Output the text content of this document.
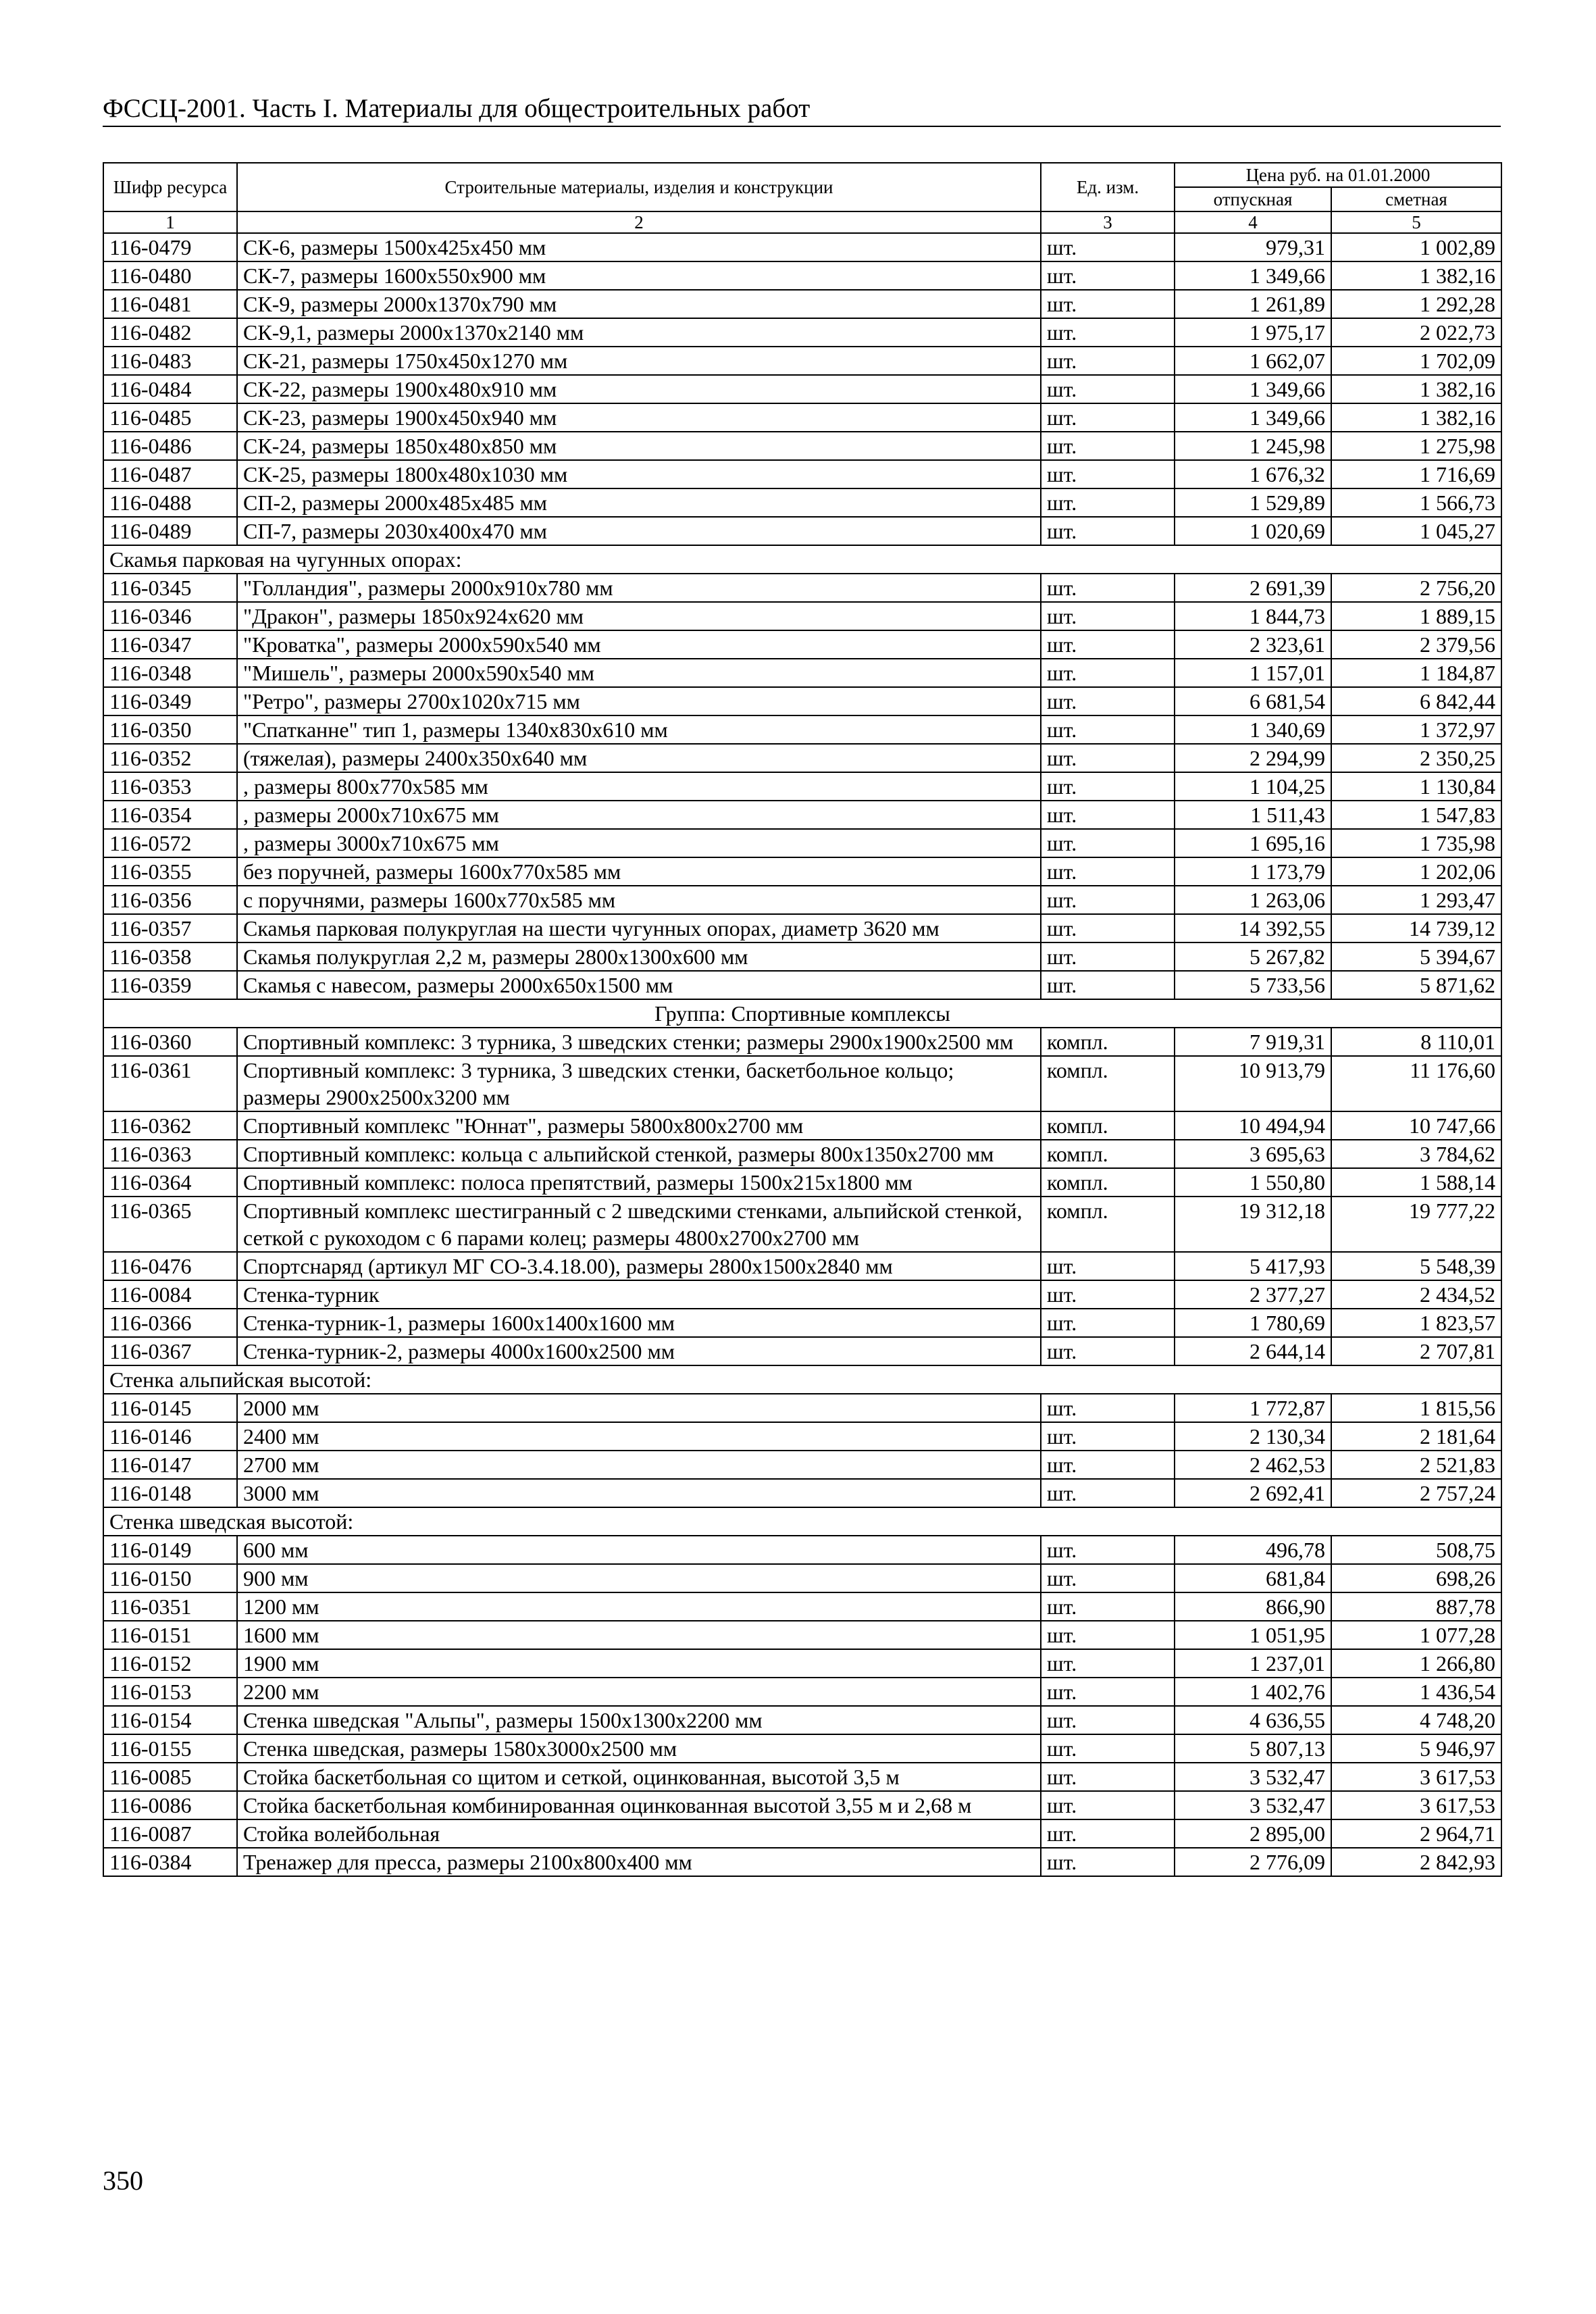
ФССЦ-2001. Часть I. Материалы для общестроительных работ
Шифр ресурса	Строительные материалы, изделия и конструкции	Ед. изм.	Цена руб. на 01.01.2000	
			отпускная	сметная
1	2	3	4	5
116-0479	СК-6, размеры 1500х425х450 мм	шт.	979,31	1 002,89
116-0480	СК-7, размеры 1600х550х900 мм	шт.	1 349,66	1 382,16
116-0481	СК-9, размеры 2000х1370х790 мм	шт.	1 261,89	1 292,28
116-0482	СК-9,1, размеры 2000х1370х2140 мм	шт.	1 975,17	2 022,73
116-0483	СК-21, размеры 1750х450х1270 мм	шт.	1 662,07	1 702,09
116-0484	СК-22, размеры 1900х480х910 мм	шт.	1 349,66	1 382,16
116-0485	СК-23, размеры 1900х450х940 мм	шт.	1 349,66	1 382,16
116-0486	СК-24, размеры 1850х480х850 мм	шт.	1 245,98	1 275,98
116-0487	СК-25, размеры 1800х480х1030 мм	шт.	1 676,32	1 716,69
116-0488	СП-2, размеры 2000х485х485 мм	шт.	1 529,89	1 566,73
116-0489	СП-7, размеры 2030х400х470 мм	шт.	1 020,69	1 045,27
Скамья парковая на чугунных опорах:				
116-0345	"Голландия", размеры 2000х910х780 мм	шт.	2 691,39	2 756,20
116-0346	"Дракон", размеры 1850х924х620 мм	шт.	1 844,73	1 889,15
116-0347	"Кроватка", размеры 2000х590х540 мм	шт.	2 323,61	2 379,56
116-0348	"Мишель", размеры 2000х590х540 мм	шт.	1 157,01	1 184,87
116-0349	"Ретро", размеры 2700х1020х715 мм	шт.	6 681,54	6 842,44
116-0350	"Спатканне" тип 1, размеры 1340х830х610 мм	шт.	1 340,69	1 372,97
116-0352	(тяжелая), размеры 2400х350х640 мм	шт.	2 294,99	2 350,25
116-0353	, размеры 800х770х585 мм	шт.	1 104,25	1 130,84
116-0354	, размеры 2000х710х675 мм	шт.	1 511,43	1 547,83
116-0572	, размеры 3000х710х675 мм	шт.	1 695,16	1 735,98
116-0355	без поручней, размеры 1600х770х585 мм	шт.	1 173,79	1 202,06
116-0356	с поручнями, размеры 1600х770х585 мм	шт.	1 263,06	1 293,47
116-0357	Скамья парковая полукруглая на шести чугунных опорах, диаметр 3620 мм	шт.	14 392,55	14 739,12
116-0358	Скамья полукруглая 2,2 м, размеры 2800х1300х600 мм	шт.	5 267,82	5 394,67
116-0359	Скамья с навесом, размеры 2000х650х1500 мм	шт.	5 733,56	5 871,62
Группа: Спортивные комплексы				
116-0360	Спортивный комплекс: 3 турника, 3 шведских стенки; размеры 2900х1900х2500 мм	компл.	7 919,31	8 110,01
116-0361	Спортивный комплекс: 3 турника, 3 шведских стенки, баскетбольное кольцо; размеры 2900х2500х3200 мм	компл.	10 913,79	11 176,60
116-0362	Спортивный комплекс "Юннат", размеры 5800х800х2700 мм	компл.	10 494,94	10 747,66
116-0363	Спортивный комплекс: кольца с альпийской стенкой, размеры 800х1350х2700 мм	компл.	3 695,63	3 784,62
116-0364	Спортивный комплекс: полоса препятствий, размеры 1500х215х1800 мм	компл.	1 550,80	1 588,14
116-0365	Спортивный комплекс шестигранный с 2 шведскими стенками, альпийской стенкой, сеткой с рукоходом с 6 парами колец; размеры 4800х2700х2700 мм	компл.	19 312,18	19 777,22
116-0476	Спортснаряд (артикул МГ СО-3.4.18.00), размеры 2800х1500х2840 мм	шт.	5 417,93	5 548,39
116-0084	Стенка-турник	шт.	2 377,27	2 434,52
116-0366	Стенка-турник-1, размеры 1600х1400х1600 мм	шт.	1 780,69	1 823,57
116-0367	Стенка-турник-2, размеры 4000х1600х2500 мм	шт.	2 644,14	2 707,81
Стенка альпийская высотой:				
116-0145	2000 мм	шт.	1 772,87	1 815,56
116-0146	2400 мм	шт.	2 130,34	2 181,64
116-0147	2700 мм	шт.	2 462,53	2 521,83
116-0148	3000 мм	шт.	2 692,41	2 757,24
Стенка шведская высотой:				
116-0149	600 мм	шт.	496,78	508,75
116-0150	900 мм	шт.	681,84	698,26
116-0351	1200 мм	шт.	866,90	887,78
116-0151	1600 мм	шт.	1 051,95	1 077,28
116-0152	1900 мм	шт.	1 237,01	1 266,80
116-0153	2200 мм	шт.	1 402,76	1 436,54
116-0154	Стенка шведская "Альпы", размеры 1500х1300х2200 мм	шт.	4 636,55	4 748,20
116-0155	Стенка шведская, размеры 1580х3000х2500 мм	шт.	5 807,13	5 946,97
116-0085	Стойка баскетбольная со щитом и сеткой, оцинкованная, высотой 3,5 м	шт.	3 532,47	3 617,53
116-0086	Стойка баскетбольная комбинированная оцинкованная высотой 3,55 м и 2,68 м	шт.	3 532,47	3 617,53
116-0087	Стойка волейбольная	шт.	2 895,00	2 964,71
116-0384	Тренажер для пресса, размеры 2100х800х400 мм	шт.	2 776,09	2 842,93
350
